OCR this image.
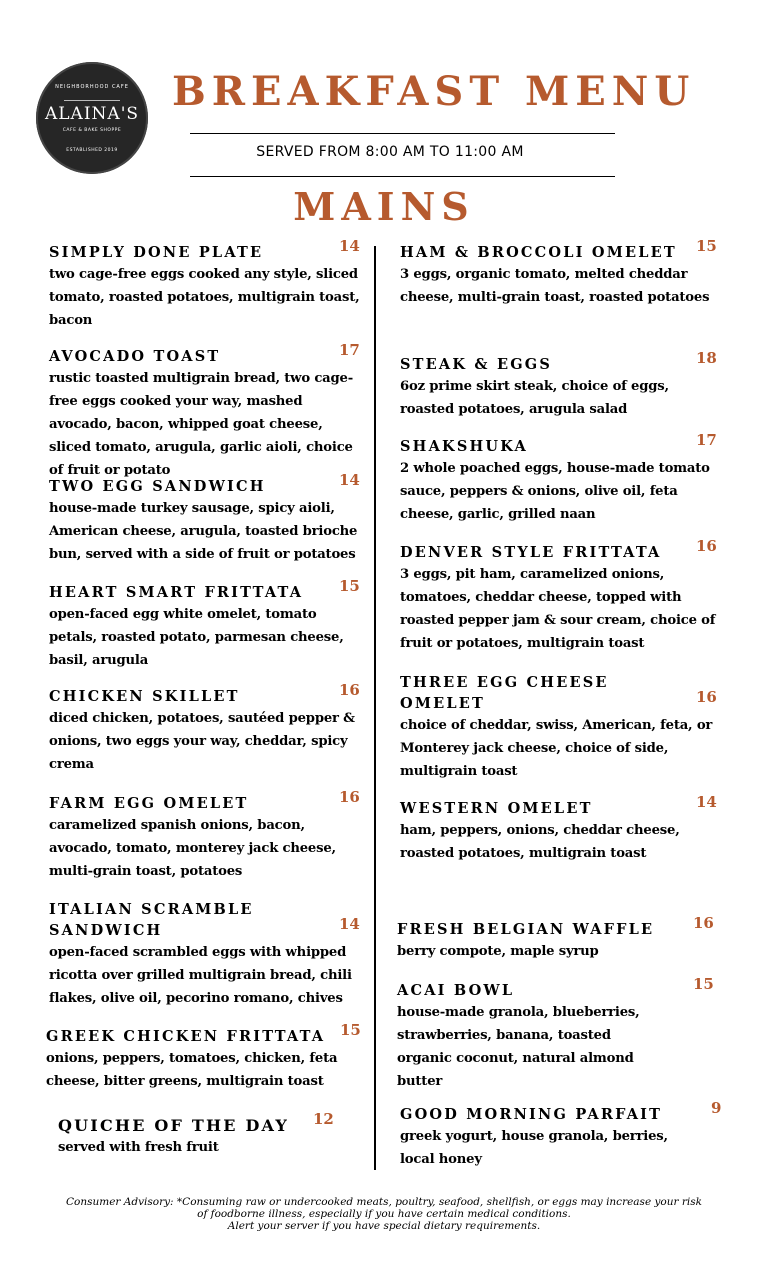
NEIGHBORHOOD CAFE
ALAINA'S
CAFE & BAKE SHOPPE
ESTABLISHED 2019
BREAKFAST MENU
SERVED FROM 8:00 AM TO 11:00 AM
MAINS
SIMPLY DONE PLATE	14
two cage-free eggs cooked any style, sliced tomato, roasted potatoes, multigrain toast, bacon
AVOCADO TOAST	17
rustic toasted multigrain bread, two cage-free eggs cooked your way, mashed avocado, bacon, whipped goat cheese, sliced tomato, arugula, garlic aioli, choice of fruit or potato
TWO EGG SANDWICH	14
house-made turkey sausage, spicy aioli, American cheese, arugula, toasted brioche bun, served with a side of fruit or potatoes
HEART SMART FRITTATA	15
open-faced egg white omelet, tomato petals, roasted potato, parmesan cheese, basil, arugula
CHICKEN SKILLET	16
diced chicken, potatoes, sautéed pepper & onions, two eggs your way, cheddar, spicy crema
FARM EGG OMELET	16
caramelized spanish onions, bacon, avocado, tomato, monterey jack cheese, multi-grain toast, potatoes
ITALIAN SCRAMBLE SANDWICH	14
open-faced scrambled eggs with whipped ricotta over grilled multigrain bread, chili flakes, olive oil, pecorino romano, chives
GREEK CHICKEN FRITTATA 15
onions, peppers, tomatoes, chicken, feta cheese, bitter greens, multigrain toast
QUICHE OF THE DAY	12
served with fresh fruit
HAM & BROCCOLI OMELET	15
3 eggs, organic tomato, melted cheddar cheese, multi-grain toast, roasted potatoes
STEAK & EGGS	18
6oz prime skirt steak, choice of eggs, roasted potatoes, arugula salad
SHAKSHUKA	17
2 whole poached eggs, house-made tomato sauce, peppers & onions, olive oil, feta cheese, garlic, grilled naan
DENVER STYLE FRITTATA	16
3 eggs, pit ham, caramelized onions, tomatoes, cheddar cheese, topped with roasted pepper jam & sour cream, choice of fruit or potatoes, multigrain toast
THREE EGG CHEESE OMELET	16
choice of cheddar, swiss, American, feta, or Monterey jack cheese, choice of side, multigrain toast
WESTERN OMELET	14
ham, peppers, onions, cheddar cheese, roasted potatoes, multigrain toast
FRESH BELGIAN WAFFLE	16
berry compote, maple syrup
ACAI BOWL	15
house-made granola, blueberries, strawberries, banana, toasted organic coconut, natural almond butter
GOOD MORNING PARFAIT	9
greek yogurt, house granola, berries, local honey
Consumer Advisory: *Consuming raw or undercooked meats, poultry, seafood, shellfish, or eggs may increase your risk
of foodborne illness, especially if you have certain medical conditions.
Alert your server if you have special dietary requirements.
